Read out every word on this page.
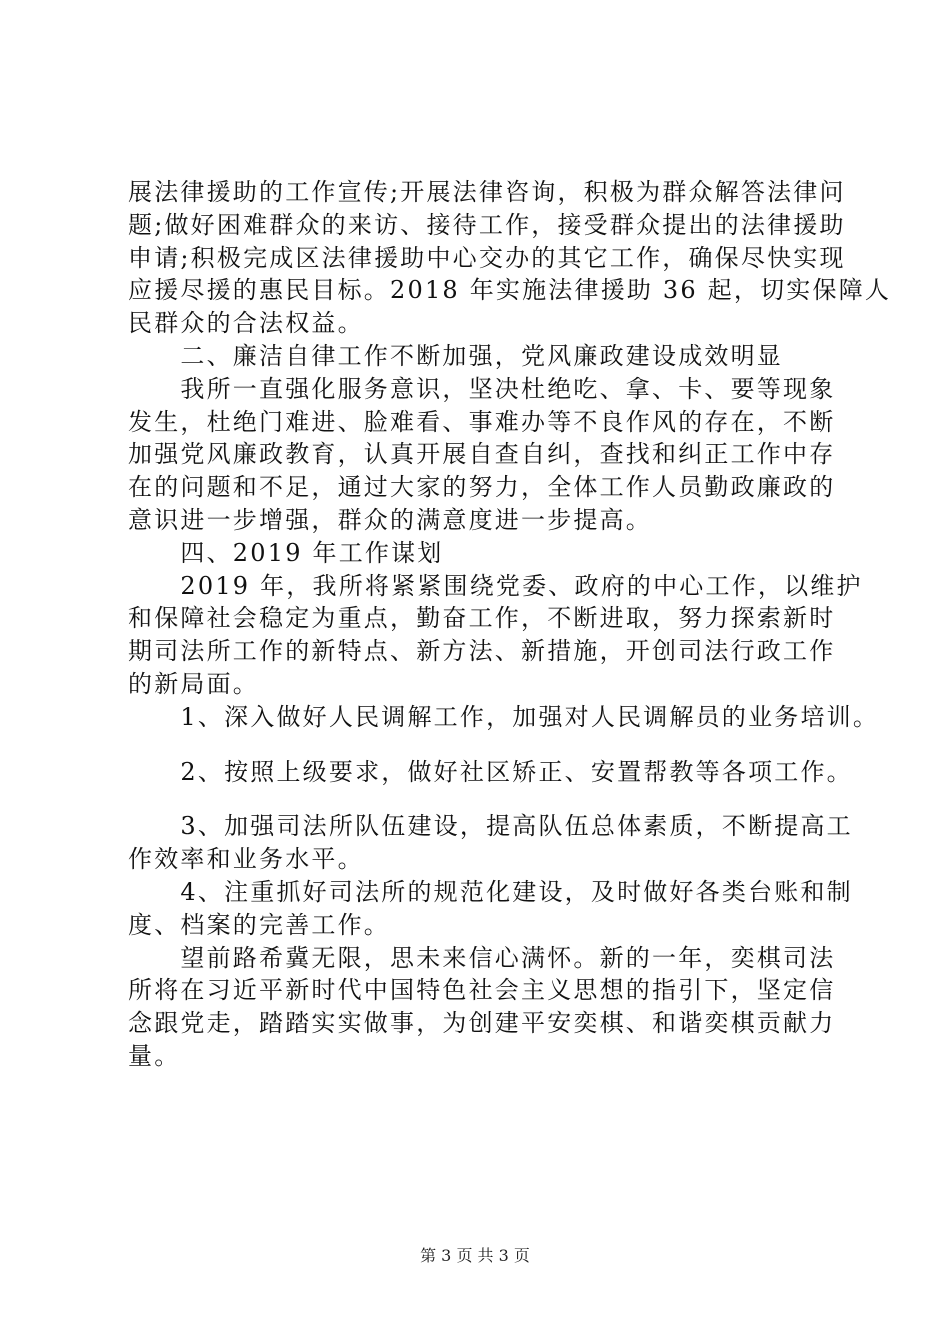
展法律援助的工作宣传;开展法律咨询，积极为群众解答法律问
题;做好困难群众的来访、接待工作，接受群众提出的法律援助
申请;积极完成区法律援助中心交办的其它工作，确保尽快实现
应援尽援的惠民目标。2018 年实施法律援助 36 起，切实保障人
民群众的合法权益。
　　二、廉洁自律工作不断加强，党风廉政建设成效明显
　　我所一直强化服务意识，坚决杜绝吃、拿、卡、要等现象
发生，杜绝门难进、脸难看、事难办等不良作风的存在，不断
加强党风廉政教育，认真开展自查自纠，查找和纠正工作中存
在的问题和不足，通过大家的努力，全体工作人员勤政廉政的
意识进一步增强，群众的满意度进一步提高。
　　四、2019 年工作谋划
　　2019 年，我所将紧紧围绕党委、政府的中心工作，以维护
和保障社会稳定为重点，勤奋工作，不断进取，努力探索新时
期司法所工作的新特点、新方法、新措施，开创司法行政工作
的新局面。
　　1、深入做好人民调解工作，加强对人民调解员的业务培训。
　　2、按照上级要求，做好社区矫正、安置帮教等各项工作。
　　3、加强司法所队伍建设，提高队伍总体素质，不断提高工
作效率和业务水平。
　　4、注重抓好司法所的规范化建设，及时做好各类台账和制
度、档案的完善工作。
　　望前路希冀无限，思未来信心满怀。新的一年，奕棋司法
所将在习近平新时代中国特色社会主义思想的指引下，坚定信
念跟党走，踏踏实实做事，为创建平安奕棋、和谐奕棋贡献力
量。
第 3 页 共 3 页
